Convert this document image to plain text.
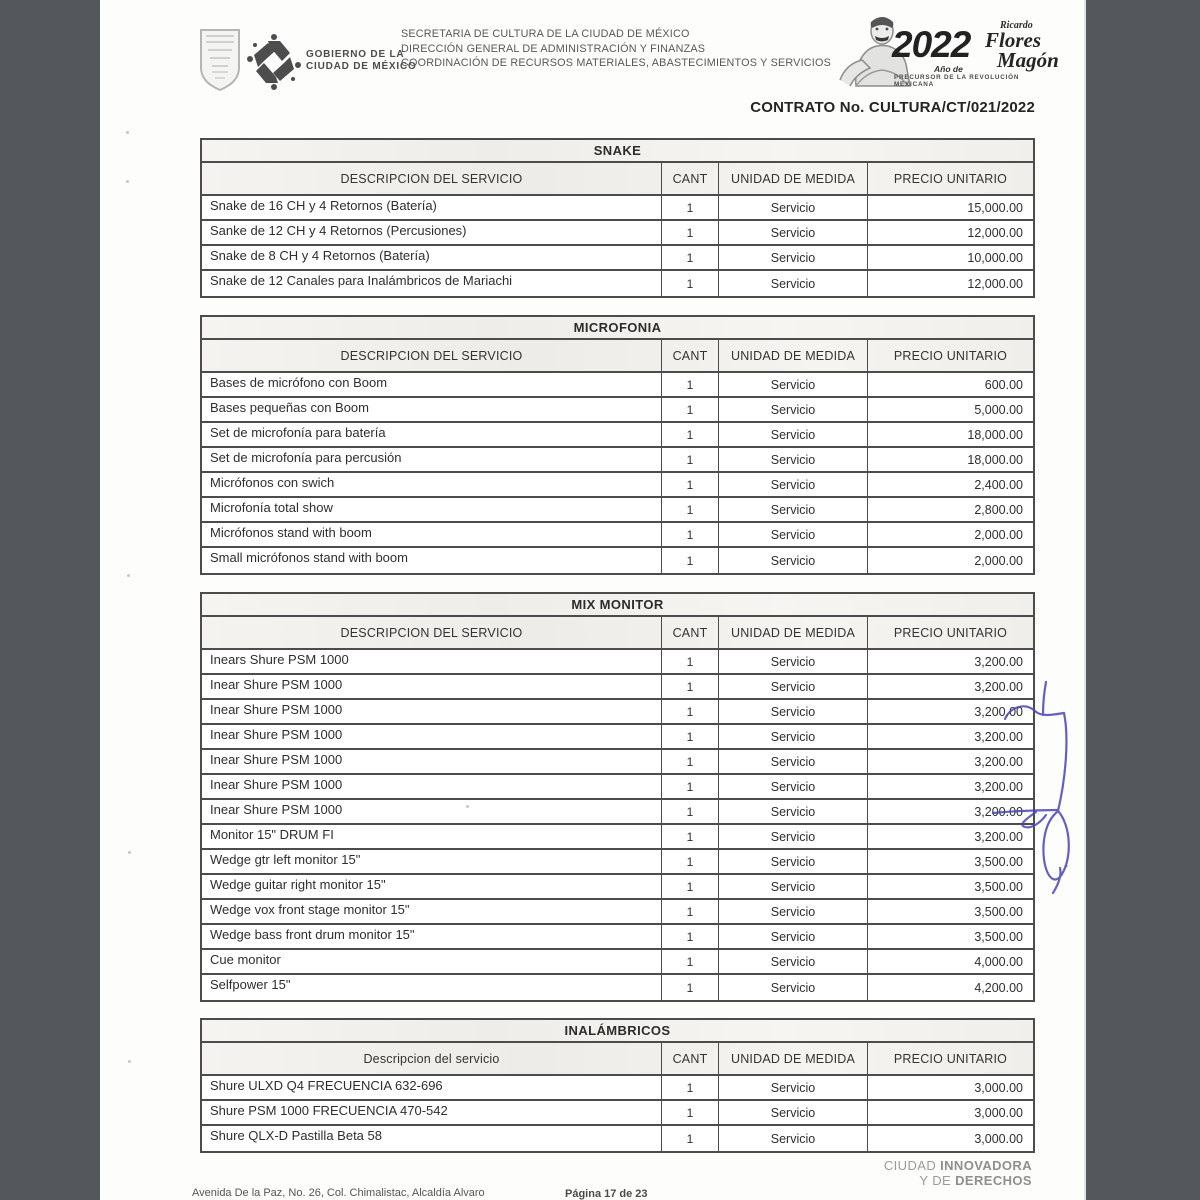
GOBIERNO DE LA
CIUDAD DE MÉXICO
SECRETARIA DE CULTURA DE LA CIUDAD DE MÉXICO
DIRECCIÓN GENERAL DE ADMINISTRACIÓN Y FINANZAS
COORDINACIÓN DE RECURSOS MATERIALES, ABASTECIMIENTOS Y SERVICIOS 2022
Año de
Ricardo
Flores
Magón
PRECURSOR DE LA REVOLUCIÓN MEXICANA
CONTRATO No. CULTURA/CT/021/2022
SNAKE
DESCRIPCION DEL SERVICIO	CANT	UNIDAD DE MEDIDA	PRECIO UNITARIO
Snake de 16 CH y 4 Retornos (Batería)	1	Servicio	15,000.00
Sanke de 12 CH y 4 Retornos (Percusiones)	1	Servicio	12,000.00
Snake de 8 CH y 4 Retornos (Batería)	1	Servicio	10,000.00
Snake de 12 Canales para Inalámbricos de Mariachi	1	Servicio	12,000.00
MICROFONIA
DESCRIPCION DEL SERVICIO	CANT	UNIDAD DE MEDIDA	PRECIO UNITARIO
Bases de micrófono con Boom	1	Servicio	600.00
Bases pequeñas con Boom	1	Servicio	5,000.00
Set de microfonía para batería	1	Servicio	18,000.00
Set de microfonía para percusión	1	Servicio	18,000.00
Micrófonos con swich	1	Servicio	2,400.00
Microfonía total show	1	Servicio	2,800.00
Micrófonos stand with boom	1	Servicio	2,000.00
Small micrófonos stand with boom	1	Servicio	2,000.00
MIX MONITOR
DESCRIPCION DEL SERVICIO	CANT	UNIDAD DE MEDIDA	PRECIO UNITARIO
Inears Shure PSM 1000	1	Servicio	3,200.00
Inear Shure PSM 1000	1	Servicio	3,200.00
Inear Shure PSM 1000	1	Servicio	3,200.00
Inear Shure PSM 1000	1	Servicio	3,200.00
Inear Shure PSM 1000	1	Servicio	3,200.00
Inear Shure PSM 1000	1	Servicio	3,200.00
Inear Shure PSM 1000	1	Servicio	3,200.00
Monitor 15" DRUM FI	1	Servicio	3,200.00
Wedge gtr left monitor 15"	1	Servicio	3,500.00
Wedge guitar right monitor 15"	1	Servicio	3,500.00
Wedge vox front stage monitor 15"	1	Servicio	3,500.00
Wedge bass front drum monitor 15"	1	Servicio	3,500.00
Cue monitor	1	Servicio	4,000.00
Selfpower 15"	1	Servicio	4,200.00
INALÁMBRICOS
Descripcion del servicio	CANT	UNIDAD DE MEDIDA	PRECIO UNITARIO
Shure ULXD Q4 FRECUENCIA 632-696	1	Servicio	3,000.00
Shure PSM 1000 FRECUENCIA 470-542	1	Servicio	3,000.00
Shure QLX-D Pastilla Beta 58	1	Servicio	3,000.00
Avenida De la Paz, No. 26, Col. Chimalistac, Alcaldía Alvaro	Página 17 de 23
CIUDAD INNOVADORA
Y DE DERECHOS
